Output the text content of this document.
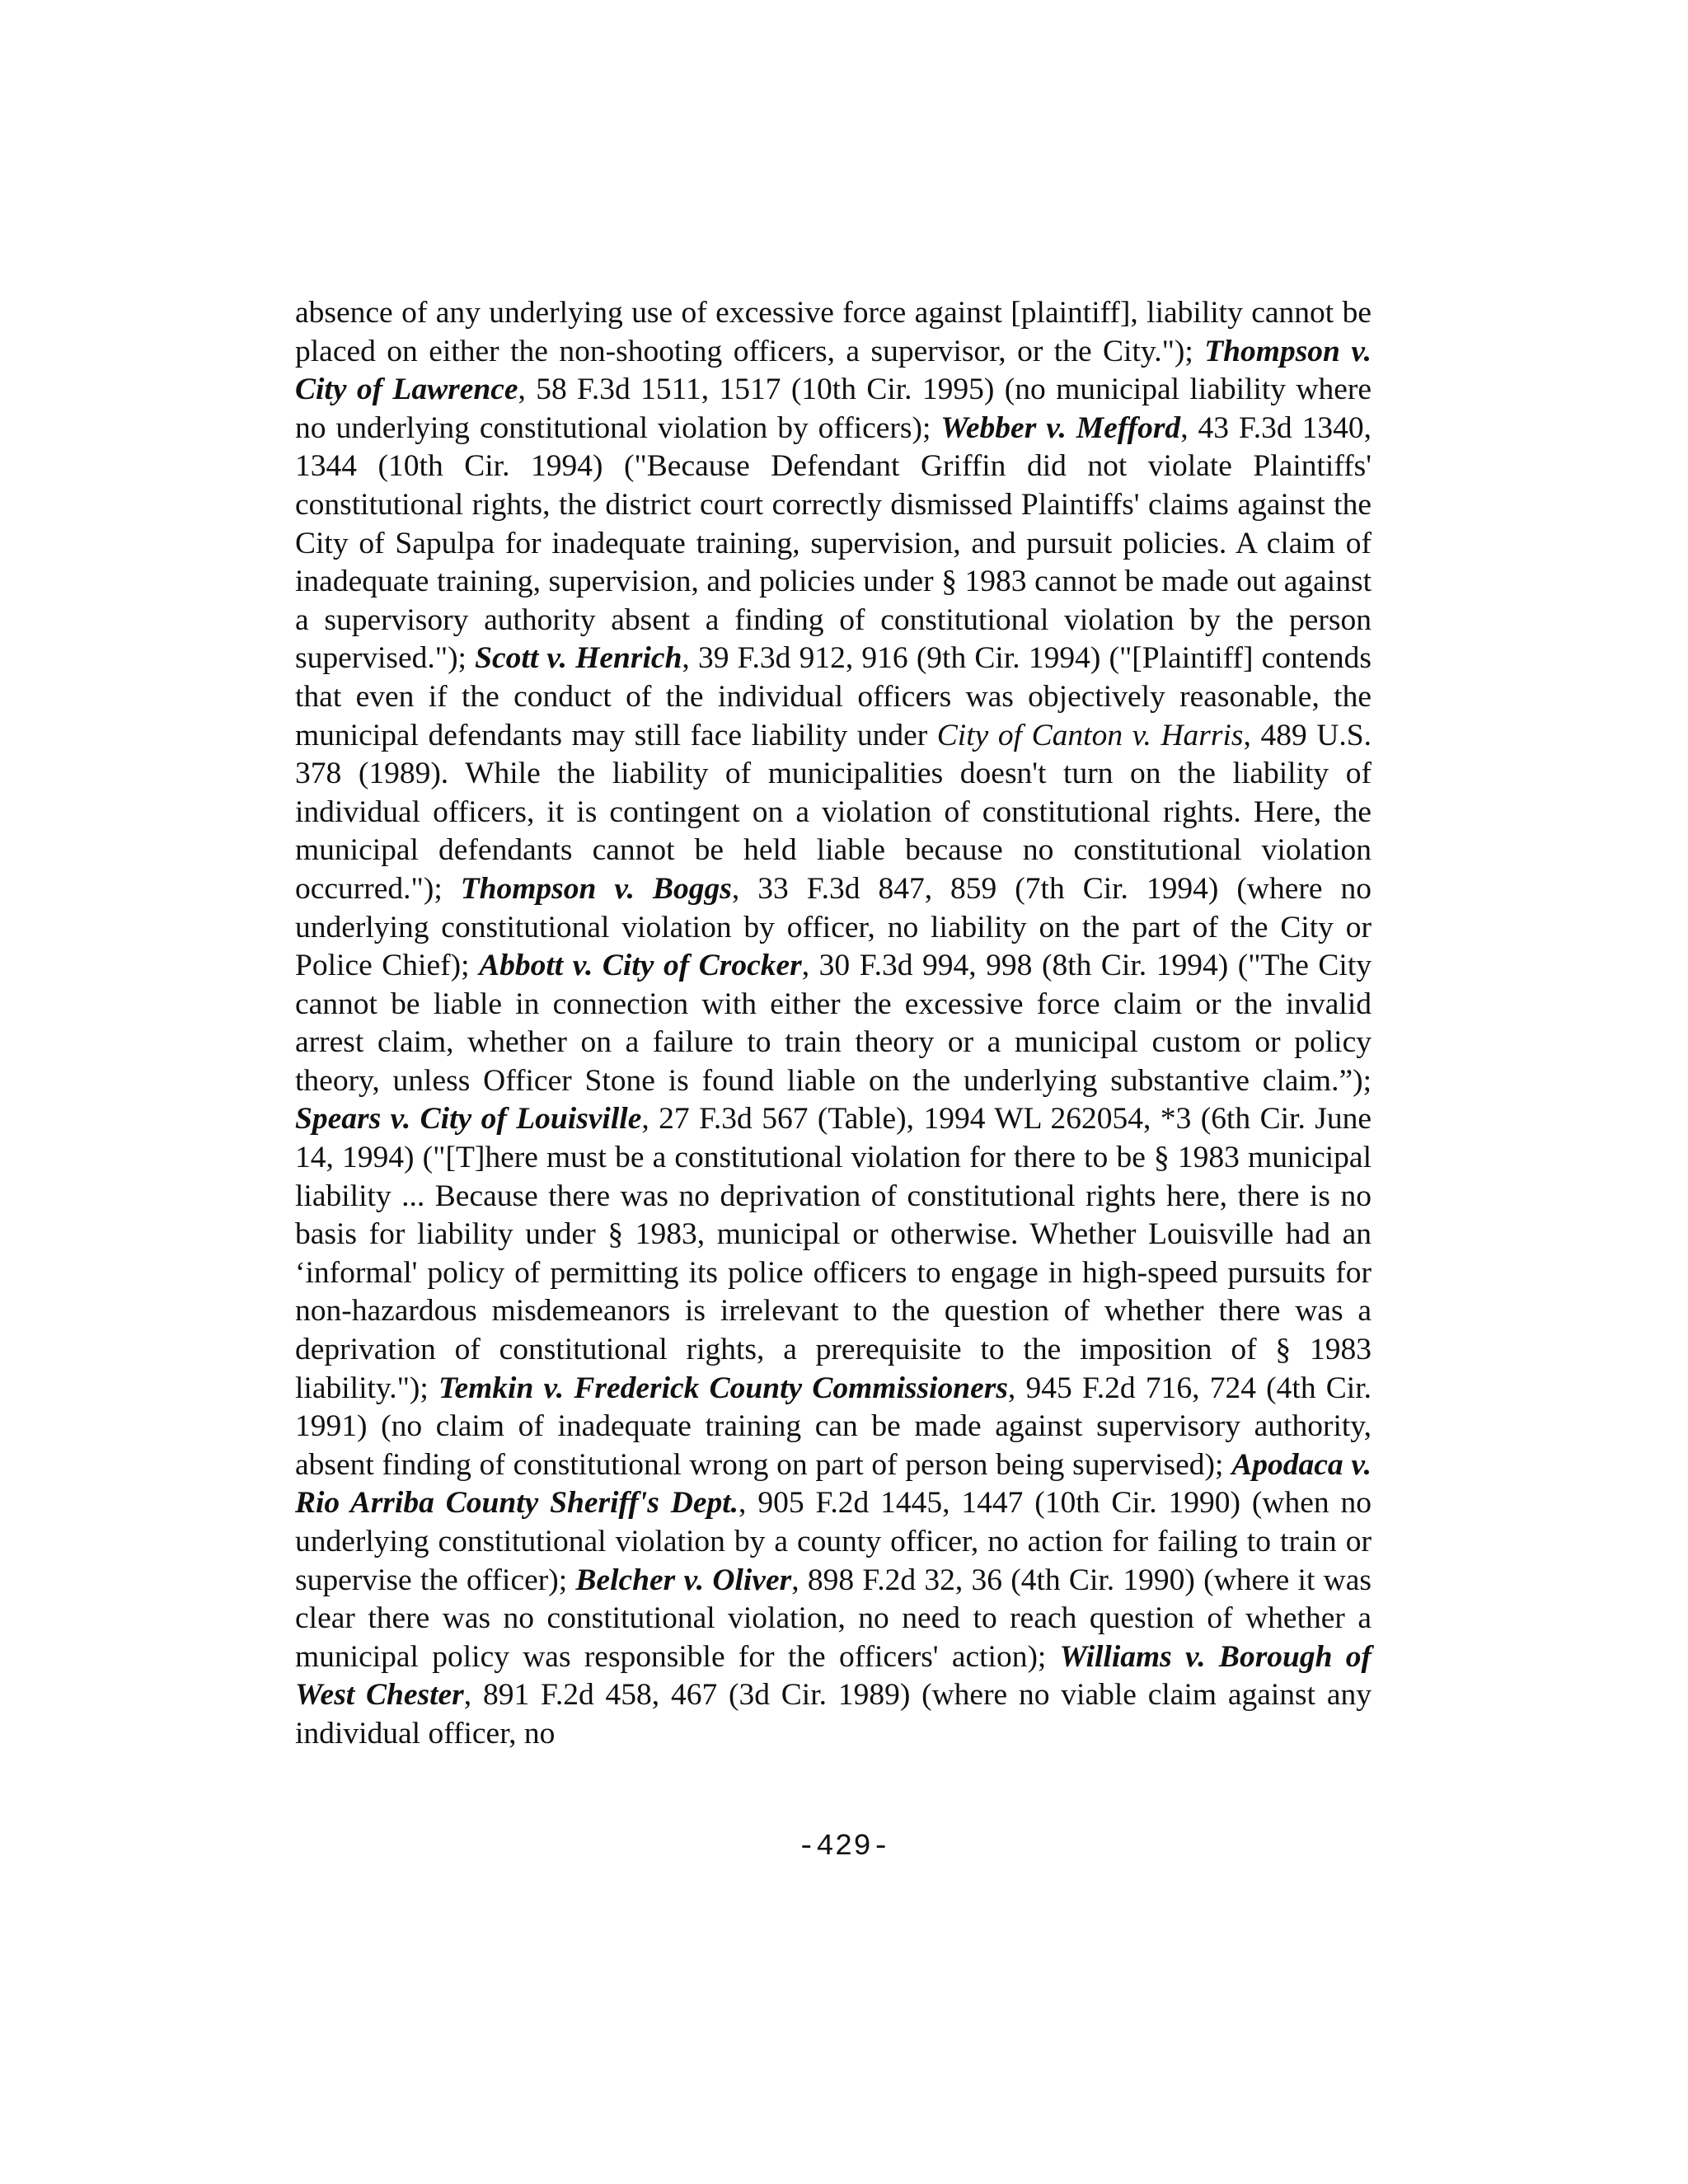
absence of any underlying use of excessive force against [plaintiff], liability cannot be placed on either the non-shooting officers, a supervisor, or the City."); Thompson v. City of Lawrence, 58 F.3d 1511, 1517 (10th Cir. 1995) (no municipal liability where no underlying constitutional violation by officers); Webber v. Mefford, 43 F.3d 1340, 1344 (10th Cir. 1994) ("Because Defendant Griffin did not violate Plaintiffs' constitutional rights, the district court correctly dismissed Plaintiffs' claims against the City of Sapulpa for inadequate training, supervision, and pursuit policies. A claim of inadequate training, supervision, and policies under § 1983 cannot be made out against a supervisory authority absent a finding of constitutional violation by the person supervised."); Scott v. Henrich, 39 F.3d 912, 916 (9th Cir. 1994) ("[Plaintiff] contends that even if the conduct of the individual officers was objectively reasonable, the municipal defendants may still face liability under City of Canton v. Harris, 489 U.S. 378 (1989). While the liability of municipalities doesn't turn on the liability of individual officers, it is contingent on a violation of constitutional rights. Here, the municipal defendants cannot be held liable because no constitutional violation occurred."); Thompson v. Boggs, 33 F.3d 847, 859 (7th Cir. 1994) (where no underlying constitutional violation by officer, no liability on the part of the City or Police Chief); Abbott v. City of Crocker, 30 F.3d 994, 998 (8th Cir. 1994) ("The City cannot be liable in connection with either the excessive force claim or the invalid arrest claim, whether on a failure to train theory or a municipal custom or policy theory, unless Officer Stone is found liable on the underlying substantive claim.”); Spears v. City of Louisville, 27 F.3d 567 (Table), 1994 WL 262054, *3 (6th Cir. June 14, 1994) ("[T]here must be a constitutional violation for there to be § 1983 municipal liability ... Because there was no deprivation of constitutional rights here, there is no basis for liability under § 1983, municipal or otherwise. Whether Louisville had an ‘informal' policy of permitting its police officers to engage in high-speed pursuits for non-hazardous misdemeanors is irrelevant to the question of whether there was a deprivation of constitutional rights, a prerequisite to the imposition of § 1983 liability."); Temkin v. Frederick County Commissioners, 945 F.2d 716, 724 (4th Cir. 1991) (no claim of inadequate training can be made against supervisory authority, absent finding of constitutional wrong on part of person being supervised); Apodaca v. Rio Arriba County Sheriff's Dept., 905 F.2d 1445, 1447 (10th Cir. 1990) (when no underlying constitutional violation by a county officer, no action for failing to train or supervise the officer); Belcher v. Oliver, 898 F.2d 32, 36 (4th Cir. 1990) (where it was clear there was no constitutional violation, no need to reach question of whether a municipal policy was responsible for the officers' action); Williams v. Borough of West Chester, 891 F.2d 458, 467 (3d Cir. 1989) (where no viable claim against any individual officer, no

-429-
